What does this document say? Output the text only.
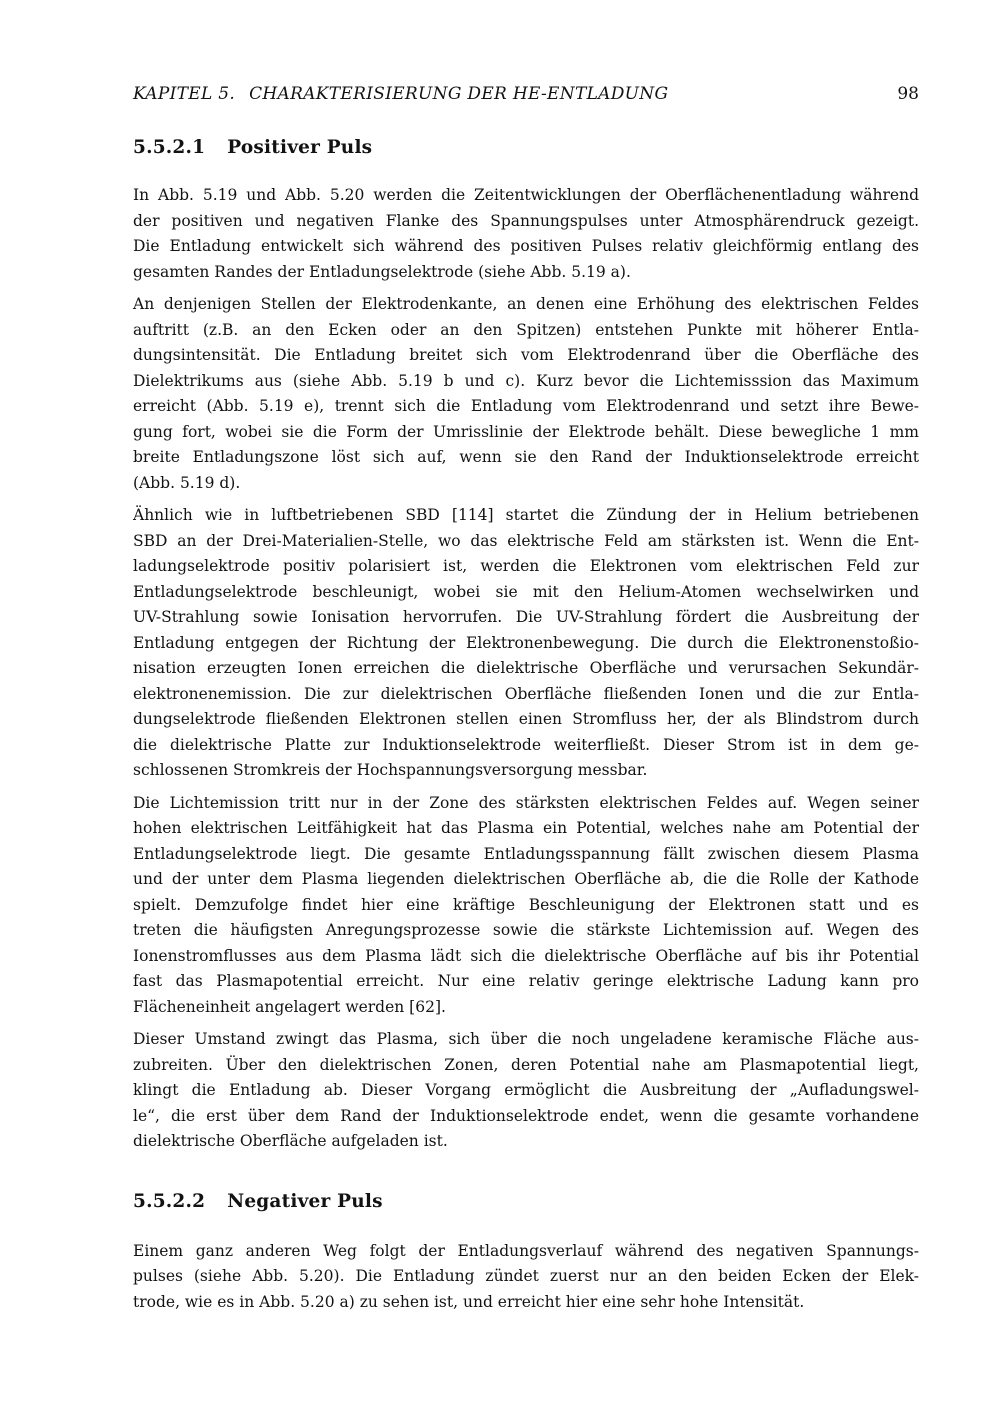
KAPITEL 5. CHARAKTERISIERUNG DER HE-ENTLADUNG	98
5.5.2.1 Positiver Puls
In Abb. 5.19 und Abb. 5.20 werden die Zeitentwicklungen der Oberflächenentladung während
der positiven und negativen Flanke des Spannungspulses unter Atmosphärendruck gezeigt.
Die Entladung entwickelt sich während des positiven Pulses relativ gleichförmig entlang des
gesamten Randes der Entladungselektrode (siehe Abb. 5.19 a).
An denjenigen Stellen der Elektrodenkante, an denen eine Erhöhung des elektrischen Feldes
auftritt (z.B. an den Ecken oder an den Spitzen) entstehen Punkte mit höherer Entla-
dungsintensität. Die Entladung breitet sich vom Elektrodenrand über die Oberfläche des
Dielektrikums aus (siehe Abb. 5.19 b und c). Kurz bevor die Lichtemisssion das Maximum
erreicht (Abb. 5.19 e), trennt sich die Entladung vom Elektrodenrand und setzt ihre Bewe-
gung fort, wobei sie die Form der Umrisslinie der Elektrode behält. Diese bewegliche 1 mm
breite Entladungszone löst sich auf, wenn sie den Rand der Induktionselektrode erreicht
(Abb. 5.19 d).
Ähnlich wie in luftbetriebenen SBD [114] startet die Zündung der in Helium betriebenen
SBD an der Drei-Materialien-Stelle, wo das elektrische Feld am stärksten ist. Wenn die Ent-
ladungselektrode positiv polarisiert ist, werden die Elektronen vom elektrischen Feld zur
Entladungselektrode beschleunigt, wobei sie mit den Helium-Atomen wechselwirken und
UV-Strahlung sowie Ionisation hervorrufen. Die UV-Strahlung fördert die Ausbreitung der
Entladung entgegen der Richtung der Elektronenbewegung. Die durch die Elektronenstoßio-
nisation erzeugten Ionen erreichen die dielektrische Oberfläche und verursachen Sekundär-
elektronenemission. Die zur dielektrischen Oberfläche fließenden Ionen und die zur Entla-
dungselektrode fließenden Elektronen stellen einen Stromfluss her, der als Blindstrom durch
die dielektrische Platte zur Induktionselektrode weiterfließt. Dieser Strom ist in dem ge-
schlossenen Stromkreis der Hochspannungsversorgung messbar.
Die Lichtemission tritt nur in der Zone des stärksten elektrischen Feldes auf. Wegen seiner
hohen elektrischen Leitfähigkeit hat das Plasma ein Potential, welches nahe am Potential der
Entladungselektrode liegt. Die gesamte Entladungsspannung fällt zwischen diesem Plasma
und der unter dem Plasma liegenden dielektrischen Oberfläche ab, die die Rolle der Kathode
spielt. Demzufolge findet hier eine kräftige Beschleunigung der Elektronen statt und es
treten die häufigsten Anregungsprozesse sowie die stärkste Lichtemission auf. Wegen des
Ionenstromflusses aus dem Plasma lädt sich die dielektrische Oberfläche auf bis ihr Potential
fast das Plasmapotential erreicht. Nur eine relativ geringe elektrische Ladung kann pro
Flächeneinheit angelagert werden [62].
Dieser Umstand zwingt das Plasma, sich über die noch ungeladene keramische Fläche aus-
zubreiten. Über den dielektrischen Zonen, deren Potential nahe am Plasmapotential liegt,
klingt die Entladung ab. Dieser Vorgang ermöglicht die Ausbreitung der „Aufladungswel-
le“, die erst über dem Rand der Induktionselektrode endet, wenn die gesamte vorhandene
dielektrische Oberfläche aufgeladen ist.
5.5.2.2 Negativer Puls
Einem ganz anderen Weg folgt der Entladungsverlauf während des negativen Spannungs-
pulses (siehe Abb. 5.20). Die Entladung zündet zuerst nur an den beiden Ecken der Elek-
trode, wie es in Abb. 5.20 a) zu sehen ist, und erreicht hier eine sehr hohe Intensität.
